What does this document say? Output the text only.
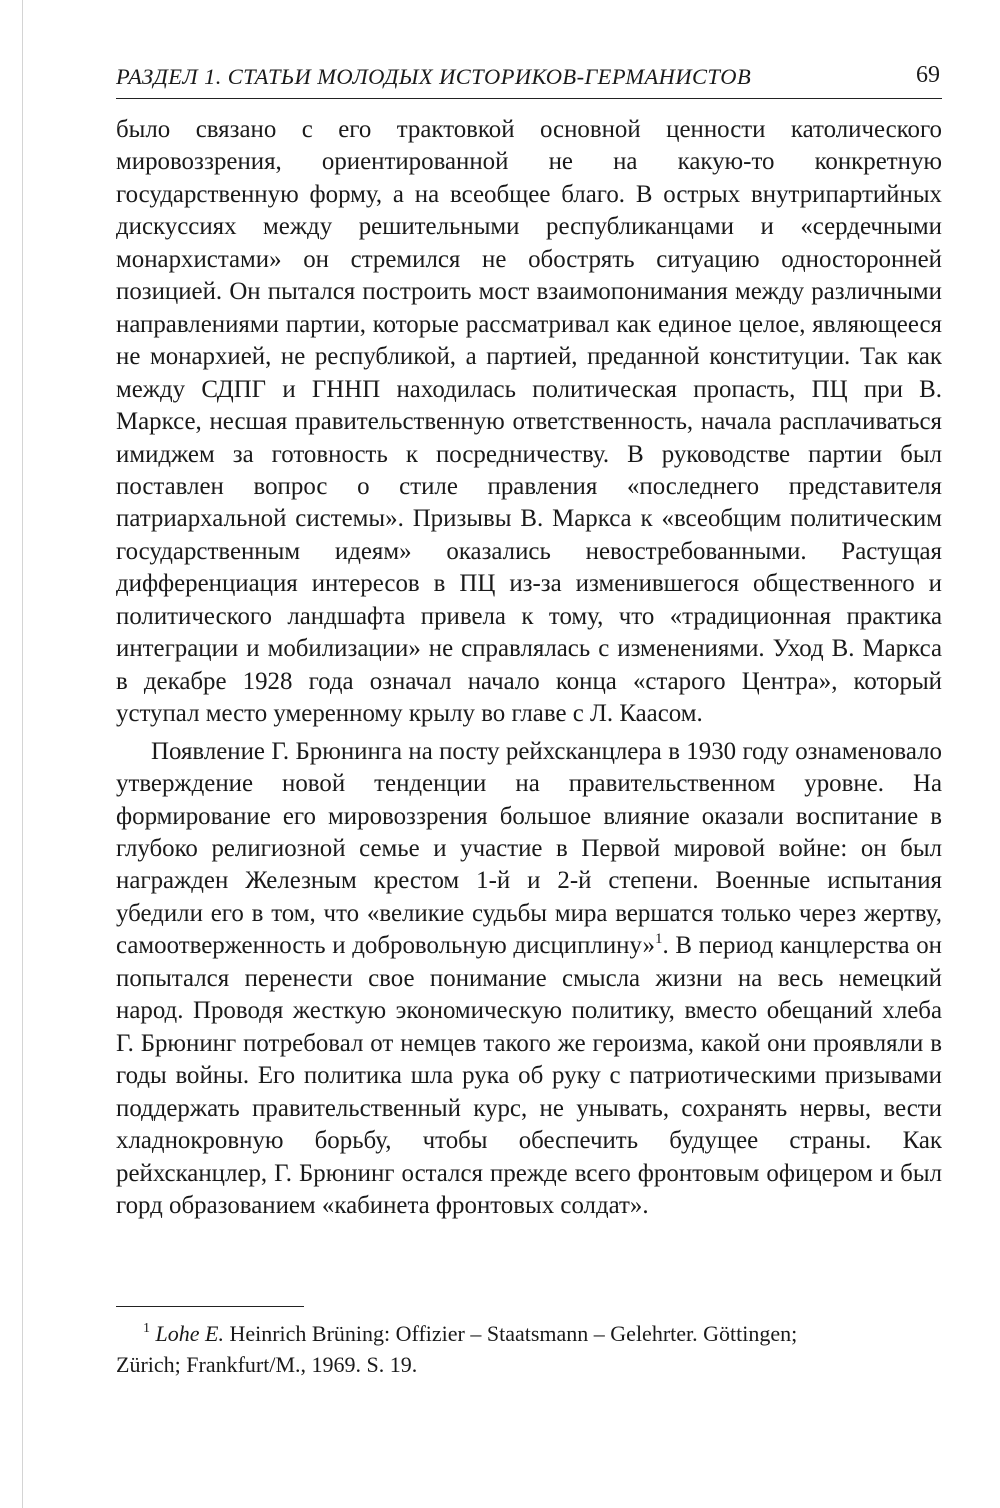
РАЗДЕЛ 1. СТАТЬИ МОЛОДЫХ ИСТОРИКОВ-ГЕРМАНИСТОВ	69

было связано с его трактовкой основной ценности католического мировоззрения, ориентированной не на какую-то конкретную государственную форму, а на всеобщее благо. В острых внутрипартийных дискуссиях между решительными республиканцами и «сердечными монархистами» он стремился не обострять ситуацию односторонней позицией. Он пытался построить мост взаимопонимания между различными направлениями партии, которые рассматривал как единое целое, являющееся не монархией, не республикой, а партией, преданной конституции. Так как между СДПГ и ГННП находилась политическая пропасть, ПЦ при В. Марксе, несшая правительственную ответственность, начала расплачиваться имиджем за готовность к посредничеству. В руководстве партии был поставлен вопрос о стиле правления «последнего представителя патриархальной системы». Призывы В. Маркса к «всеобщим политическим государственным идеям» оказались невостребованными. Растущая дифференциация интересов в ПЦ из-за изменившегося общественного и политического ландшафта привела к тому, что «традиционная практика интеграции и мобилизации» не справлялась с изменениями. Уход В. Маркса в декабре 1928 года означал начало конца «старого Центра», который уступал место умеренному крылу во главе с Л. Каасом.

Появление Г. Брюнинга на посту рейхсканцлера в 1930 году ознаменовало утверждение новой тенденции на правительственном уровне. На формирование его мировоззрения большое влияние оказали воспитание в глубоко религиозной семье и участие в Первой мировой войне: он был награжден Железным крестом 1-й и 2-й степени. Военные испытания убедили его в том, что «великие судьбы мира вершатся только через жертву, самоотверженность и добровольную дисциплину»$^1$. В период канцлерства он попытался перенести свое понимание смысла жизни на весь немецкий народ. Проводя жесткую экономическую политику, вместо обещаний хлеба Г. Брюнинг потребовал от немцев такого же героизма, какой они проявляли в годы войны. Его политика шла рука об руку с патриотическими призывами поддержать правительственный курс, не унывать, сохранять нервы, вести хладнокровную борьбу, чтобы обеспечить будущее страны. Как рейхсканцлер, Г. Брюнинг остался прежде всего фронтовым офицером и был горд образованием «кабинета фронтовых солдат».

$^1$ Lohe E. Heinrich Brüning: Offizier – Staatsmann – Gelehrter. Göttingen;
Zürich; Frankfurt/M., 1969. S. 19.
